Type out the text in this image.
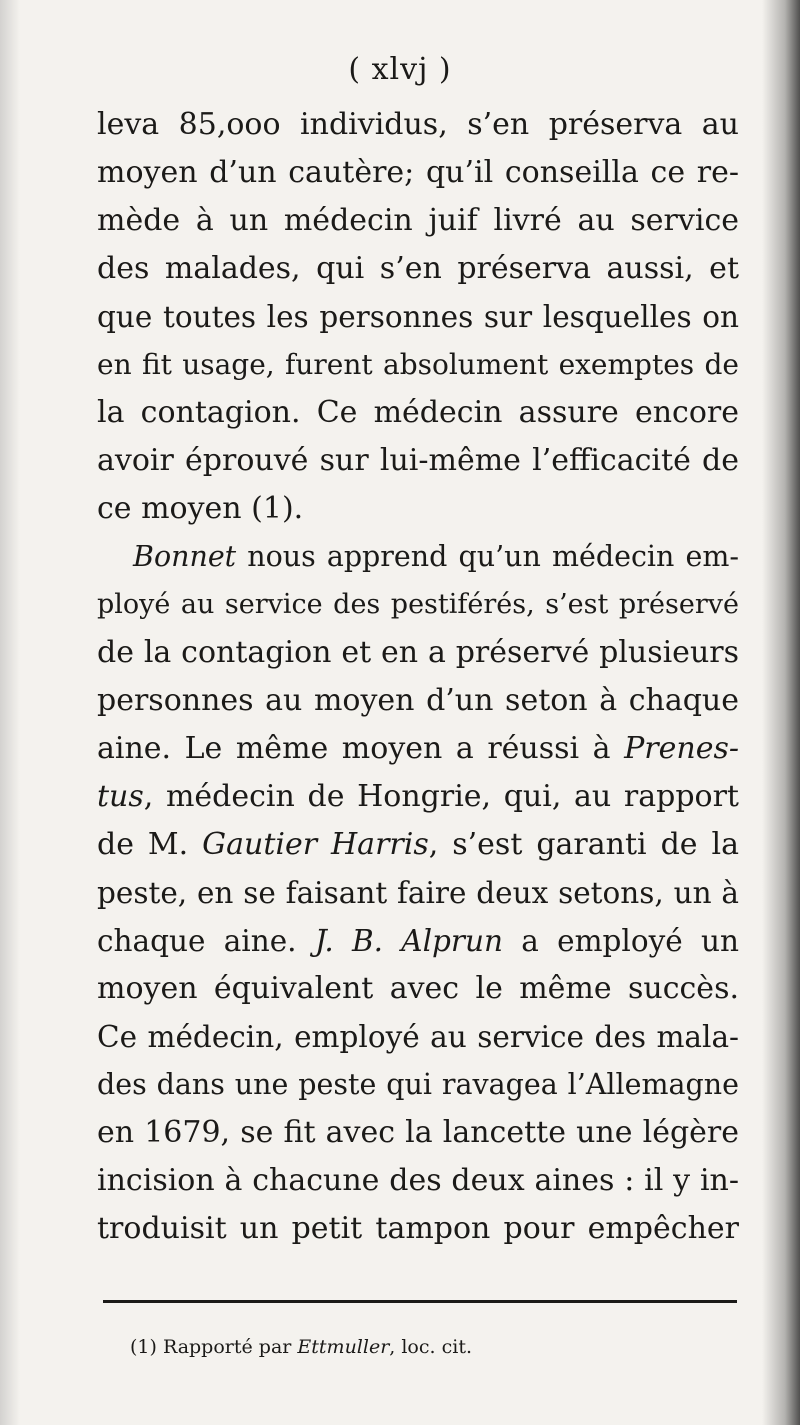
( xlvj )
leva 85,ooo individus, s’en préserva au
moyen d’un cautère; qu’il conseilla ce re-
mède à un médecin juif livré au service
des malades, qui s’en préserva aussi, et
que toutes les personnes sur lesquelles on
en fit usage, furent absolument exemptes de
la contagion. Ce médecin assure encore
avoir éprouvé sur lui-même l’efficacité de
ce moyen (1).
Bonnet nous apprend qu’un médecin em-
ployé au service des pestiférés, s’est préservé
de la contagion et en a préservé plusieurs
personnes au moyen d’un seton à chaque
aine. Le même moyen a réussi à Prenes-
tus, médecin de Hongrie, qui, au rapport
de M. Gautier Harris, s’est garanti de la
peste, en se faisant faire deux setons, un à
chaque aine. J. B. Alprun a employé un
moyen équivalent avec le même succès.
Ce médecin, employé au service des mala-
des dans une peste qui ravagea l’Allemagne
en 1679, se fit avec la lancette une légère
incision à chacune des deux aines : il y in-
troduisit un petit tampon pour empêcher
(1) Rapporté par Ettmuller, loc. cit.
